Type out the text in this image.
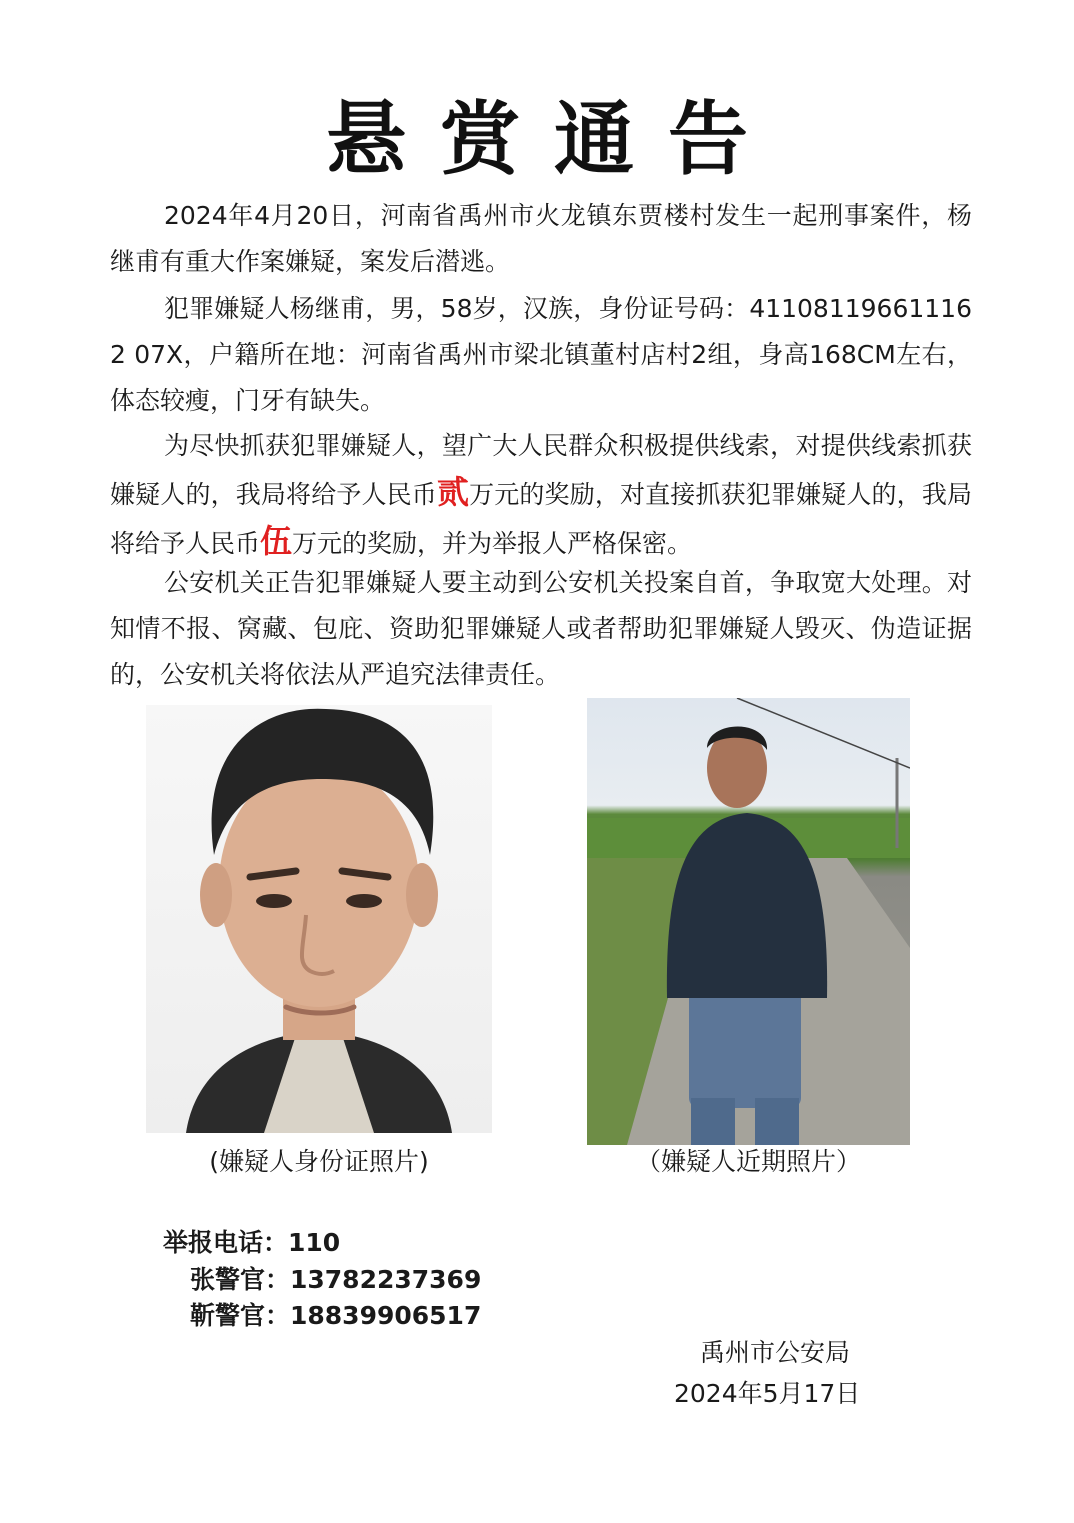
悬赏通告

2024年4月20日，河南省禹州市火龙镇东贾楼村发生一起刑事案件，杨继甫有重大作案嫌疑，案发后潜逃。

犯罪嫌疑人杨继甫，男，58岁，汉族，身份证号码：411081196611162 07X，户籍所在地：河南省禹州市梁北镇董村店村2组，身高168CM左右，体态较瘦，门牙有缺失。

为尽快抓获犯罪嫌疑人，望广大人民群众积极提供线索，对提供线索抓获嫌疑人的，我局将给予人民币贰万元的奖励，对直接抓获犯罪嫌疑人的，我局将给予人民币伍万元的奖励，并为举报人严格保密。

公安机关正告犯罪嫌疑人要主动到公安机关投案自首，争取宽大处理。对知情不报、窝藏、包庇、资助犯罪嫌疑人或者帮助犯罪嫌疑人毁灭、伪造证据的，公安机关将依法从严追究法律责任。

(嫌疑人身份证照片)	（嫌疑人近期照片）
举报电话：110
张警官：13782237369
靳警官：18839906517
禹州市公安局
2024年5月17日
